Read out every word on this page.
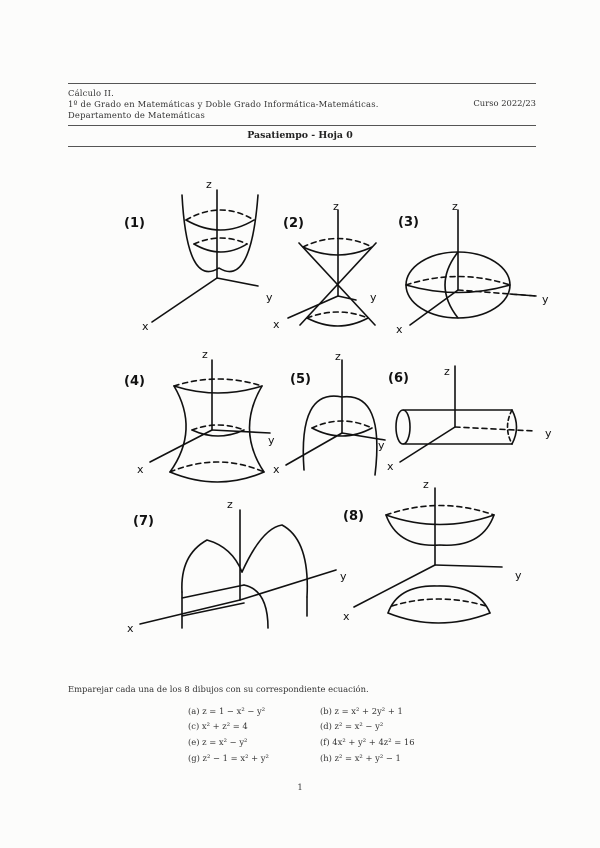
Cálculo II.
1º de Grado en Matemáticas y Doble Grado Informática-Matemáticas.
Departamento de Matemáticas
Curso 2022/23
Pasatiempo - Hoja 0
(1)
z
y
x
(2)
z
y
x
(3)
z
y
x
(4)
z
y
x
(5)
z
y
x
(6)	z
y
x
(7)
z
y
x
(8)
z
y
x
Emparejar cada una de los 8 dibujos con su correspondiente ecuación.
(a) z = 1 − x² − y²	(b) z = x² + 2y² + 1
(c) x² + z² = 4	(d) z² = x² − y²
(e) z = x² − y²	(f) 4x² + y² + 4z² = 16
(g) z² − 1 = x² + y²	(h) z² = x² + y² − 1
1
